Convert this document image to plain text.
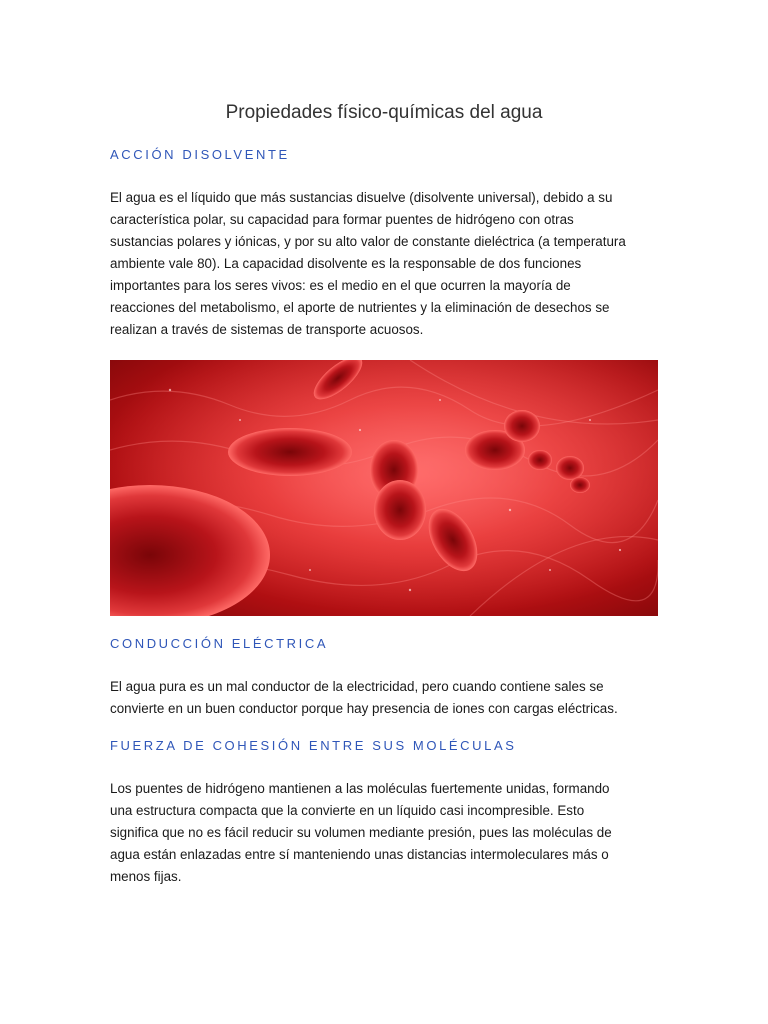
Propiedades físico-químicas del agua
ACCIÓN DISOLVENTE
El agua es el líquido que más sustancias disuelve (disolvente universal), debido a su
característica polar, su capacidad para formar puentes de hidrógeno con otras
sustancias polares y iónicas, y por su alto valor de constante dieléctrica (a temperatura
ambiente vale 80). La capacidad disolvente es la responsable de dos funciones
importantes para los seres vivos: es el medio en el que ocurren la mayoría de
reacciones del metabolismo, el aporte de nutrientes y la eliminación de desechos se
realizan a través de sistemas de transporte acuosos.
CONDUCCIÓN ELÉCTRICA
El agua pura es un mal conductor de la electricidad, pero cuando contiene sales se
convierte en un buen conductor porque hay presencia de iones con cargas eléctricas.
FUERZA DE COHESIÓN ENTRE SUS MOLÉCULAS
Los puentes de hidrógeno mantienen a las moléculas fuertemente unidas, formando
una estructura compacta que la convierte en un líquido casi incompresible. Esto
significa que no es fácil reducir su volumen mediante presión, pues las moléculas de
agua están enlazadas entre sí manteniendo unas distancias intermoleculares más o
menos fijas.
